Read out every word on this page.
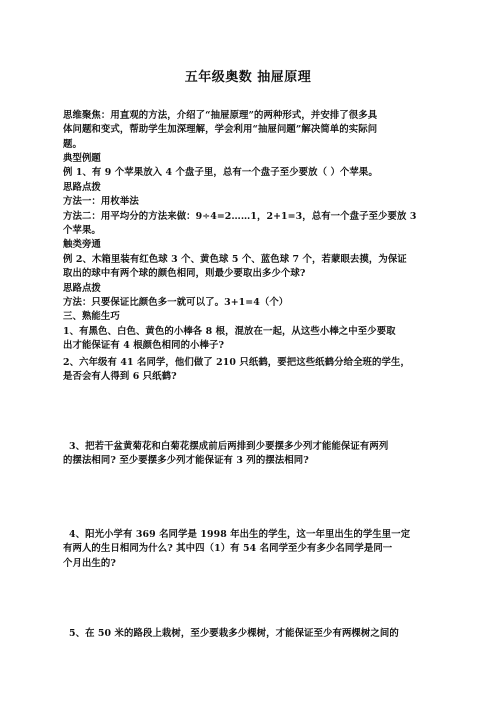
五年级奥数 抽屉原理
思维聚焦：用直观的方法，介绍了“抽屉原理”的两种形式，并安排了很多具
体问题和变式，帮助学生加深理解，学会利用“抽屉问题”解决简单的实际问
题。
典型例题
例 1、有 9 个苹果放入 4 个盘子里，总有一个盘子至少要放（ ）个苹果。
思路点拨
方法一：用枚举法
方法二：用平均分的方法来做：9÷4=2……1，2+1=3，总有一个盘子至少要放 3
个苹果。
触类旁通
例 2、木箱里装有红色球 3 个、黄色球 5 个、蓝色球 7 个，若蒙眼去摸，为保证
取出的球中有两个球的颜色相同，则最少要取出多少个球?
思路点拨
方法：只要保证比颜色多一就可以了。3+1=4（个）
三、熟能生巧
1、有黑色、白色、黄色的小棒各 8 根，混放在一起，从这些小棒之中至少要取
出才能保证有 4 根颜色相同的小棒子?
2、六年级有 41 名同学，他们做了 210 只纸鹤，要把这些纸鹤分给全班的学生，
是否会有人得到 6 只纸鹤?
3、把若干盆黄菊花和白菊花摆成前后两排到少要摆多少列才能能保证有两列
的摆法相同? 至少要摆多少列才能保证有 3 列的摆法相同?
4、阳光小学有 369 名同学是 1998 年出生的学生，这一年里出生的学生里一定
有两人的生日相同为什么? 其中四（1）有 54 名同学至少有多少名同学是同一
个月出生的?
5、在 50 米的路段上栽树，至少要栽多少棵树，才能保证至少有两棵树之间的
